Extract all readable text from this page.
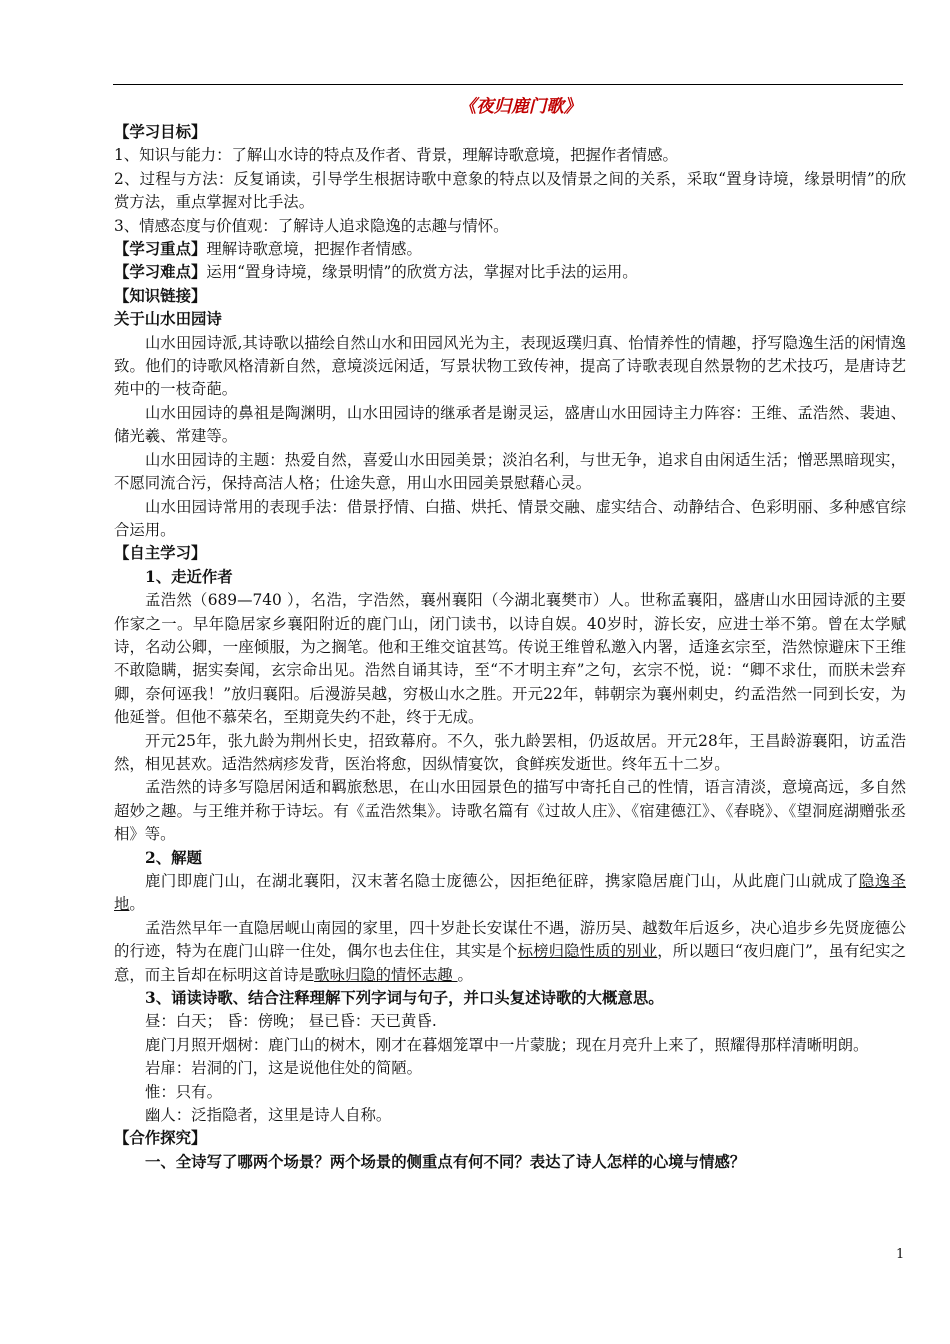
《夜归鹿门歌》
【学习目标】
1、知识与能力：了解山水诗的特点及作者、背景，理解诗歌意境，把握作者情感。
2、过程与方法：反复诵读，引导学生根据诗歌中意象的特点以及情景之间的关系，采取“置身诗境，缘景明情”的欣赏方法，重点掌握对比手法。
3、情感态度与价值观：了解诗人追求隐逸的志趣与情怀。
【学习重点】理解诗歌意境，把握作者情感。
【学习难点】运用“置身诗境，缘景明情”的欣赏方法，掌握对比手法的运用。
【知识链接】
关于山水田园诗
山水田园诗派,其诗歌以描绘自然山水和田园风光为主，表现返璞归真、怡情养性的情趣，抒写隐逸生活的闲情逸致。他们的诗歌风格清新自然，意境淡远闲适，写景状物工致传神，提高了诗歌表现自然景物的艺术技巧，是唐诗艺苑中的一枝奇葩。
山水田园诗的鼻祖是陶渊明，山水田园诗的继承者是谢灵运，盛唐山水田园诗主力阵容：王维、孟浩然、裴迪、 储光羲、常建等。
山水田园诗的主题：热爱自然，喜爱山水田园美景；淡泊名利，与世无争，追求自由闲适生活；憎恶黑暗现实，不愿同流合污，保持高洁人格；仕途失意，用山水田园美景慰藉心灵。
山水田园诗常用的表现手法：借景抒情、白描、烘托、情景交融、虚实结合、动静结合、色彩明丽、多种感官综合运用。
【自主学习】
1、走近作者
孟浩然（689—740 ），名浩，字浩然，襄州襄阳（今湖北襄樊市）人。世称孟襄阳，盛唐山水田园诗派的主要作家之一。早年隐居家乡襄阳附近的鹿门山，闭门读书，以诗自娱。40岁时，游长安，应进士举不第。曾在太学赋诗，名动公卿，一座倾服，为之搁笔。他和王维交谊甚笃。传说王维曾私邀入内署，适逢玄宗至，浩然惊避床下王维不敢隐瞒，据实奏闻，玄宗命出见。浩然自诵其诗，至“不才明主弃”之句，玄宗不悦，说：“卿不求仕，而朕未尝弃卿，奈何诬我！”放归襄阳。后漫游吴越，穷极山水之胜。开元22年，韩朝宗为襄州刺史，约孟浩然一同到长安，为他延誉。但他不慕荣名，至期竟失约不赴，终于无成。
开元25年，张九龄为荆州长史，招致幕府。不久，张九龄罢相，仍返故居。开元28年，王昌龄游襄阳，访孟浩然，相见甚欢。适浩然病疹发背，医治将愈，因纵情宴饮，食鲜疾发逝世。终年五十二岁。
孟浩然的诗多写隐居闲适和羁旅愁思，在山水田园景色的描写中寄托自己的性情，语言清淡，意境高远，多自然超妙之趣。与王维并称于诗坛。有《孟浩然集》。诗歌名篇有《过故人庄》、《宿建德江》、《春晓》、《望洞庭湖赠张丞相》等。
2、解题
鹿门即鹿门山，在湖北襄阳，汉末著名隐士庞德公，因拒绝征辟，携家隐居鹿门山，从此鹿门山就成了隐逸圣地。
孟浩然早年一直隐居岘山南园的家里，四十岁赴长安谋仕不遇，游历吴、越数年后返乡，决心追步乡先贤庞德公的行迹，特为在鹿门山辟一住处，偶尔也去住住，其实是个标榜归隐性质的别业，所以题曰“夜归鹿门”，虽有纪实之意，而主旨却在标明这首诗是歌咏归隐的情怀志趣 。
3、诵读诗歌、结合注释理解下列字词与句子，并口头复述诗歌的大概意思。
昼：白天； 昏：傍晚； 昼已昏：天已黄昏.
鹿门月照开烟树：鹿门山的树木，刚才在暮烟笼罩中一片蒙胧；现在月亮升上来了，照耀得那样清晰明朗。
岩扉：岩洞的门，这是说他住处的简陋。
惟：只有。
幽人：泛指隐者，这里是诗人自称。
【合作探究】
一、全诗写了哪两个场景？两个场景的侧重点有何不同？表达了诗人怎样的心境与情感？
1
